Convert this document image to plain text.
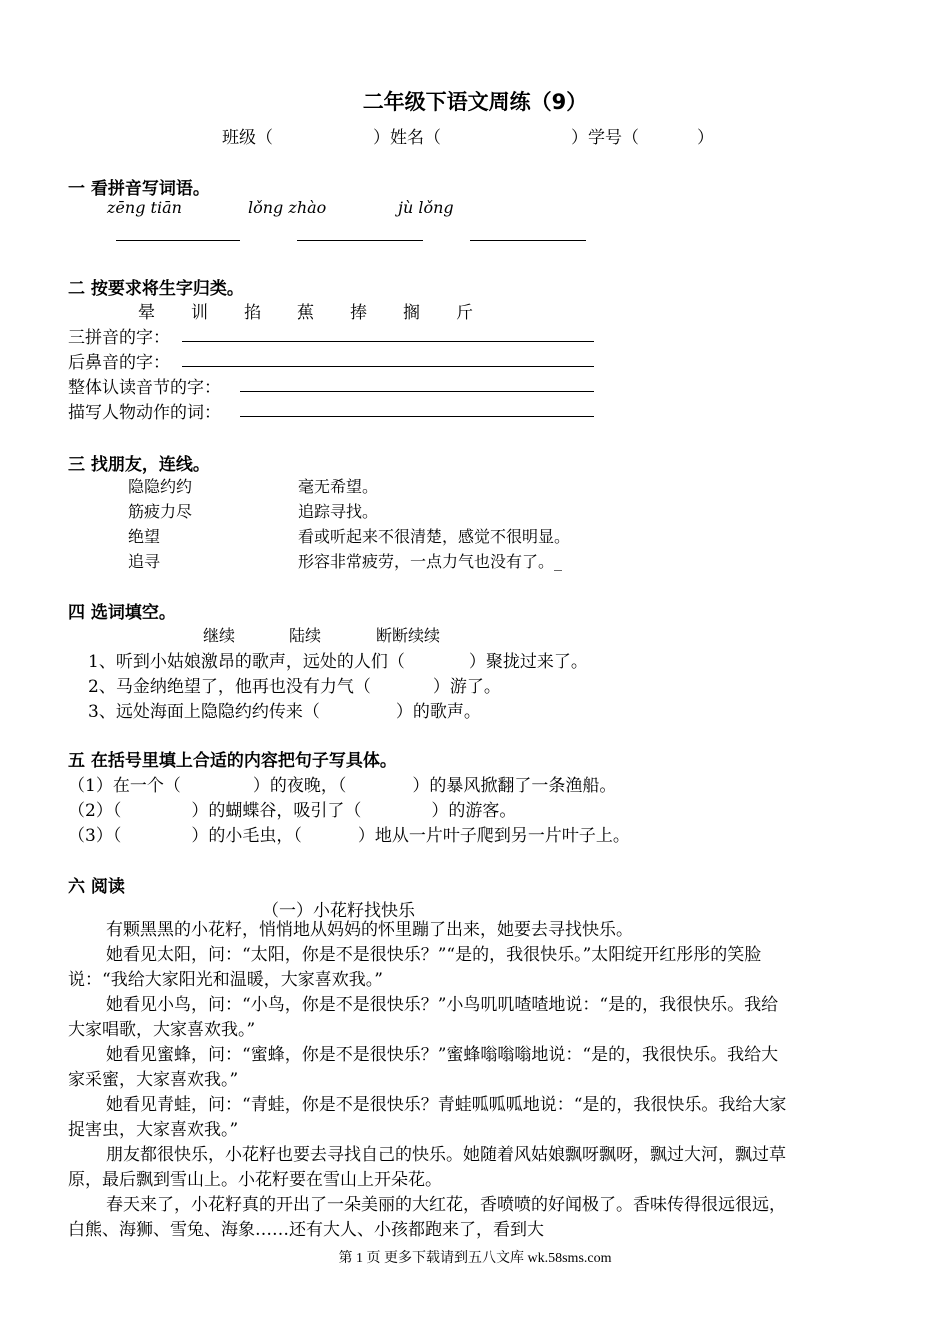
二年级下语文周练（9）
班级（	）姓名（	）学号（	）
一 看拼音写词语。
zēng tiān	lǒng zhào	jù lǒng
二 按要求将生字归类。
晕 训 掐 蕉 捧 搁 斤
三拼音的字：
后鼻音的字：
整体认读音节的字：
描写人物动作的词：
三 找朋友，连线。
隐隐约约	毫无希望。
筋疲力尽	追踪寻找。
绝望	看或听起来不很清楚，感觉不很明显。
追寻	形容非常疲劳，一点力气也没有了。_
四 选词填空。
继续	陆续	断断续续
1、听到小姑娘激昂的歌声，远处的人们（	）聚拢过来了。
2、马金纳绝望了，他再也没有力气（	）游了。
3、远处海面上隐隐约约传来（	）的歌声。
五 在括号里填上合适的内容把句子写具体。
（1）在一个（	）的夜晚，（	）的暴风掀翻了一条渔船。
（2）（	）的蝴蝶谷，吸引了（	）的游客。
（3）（	）的小毛虫，（	）地从一片叶子爬到另一片叶子上。
六 阅读
（一）小花籽找快乐
有颗黑黑的小花籽，悄悄地从妈妈的怀里蹦了出来，她要去寻找快乐。
她看见太阳，问：“太阳，你是不是很快乐？”“是的，我很快乐。”太阳绽开红彤彤的笑脸说：“我给大家阳光和温暖，大家喜欢我。”
她看见小鸟，问：“小鸟，你是不是很快乐？”小鸟叽叽喳喳地说：“是的，我很快乐。我给大家唱歌，大家喜欢我。”
她看见蜜蜂，问：“蜜蜂，你是不是很快乐？”蜜蜂嗡嗡嗡地说：“是的，我很快乐。我给大家采蜜，大家喜欢我。”
她看见青蛙，问：“青蛙，你是不是很快乐？青蛙呱呱呱地说：“是的，我很快乐。我给大家捉害虫，大家喜欢我。”
朋友都很快乐，小花籽也要去寻找自己的快乐。她随着风姑娘飘呀飘呀，飘过大河，飘过草原，最后飘到雪山上。小花籽要在雪山上开朵花。
春天来了，小花籽真的开出了一朵美丽的大红花，香喷喷的好闻极了。香味传得很远很远，白熊、海狮、雪兔、海象……还有大人、小孩都跑来了，看到大
第 1 页 更多下载请到五八文库 wk.58sms.com
